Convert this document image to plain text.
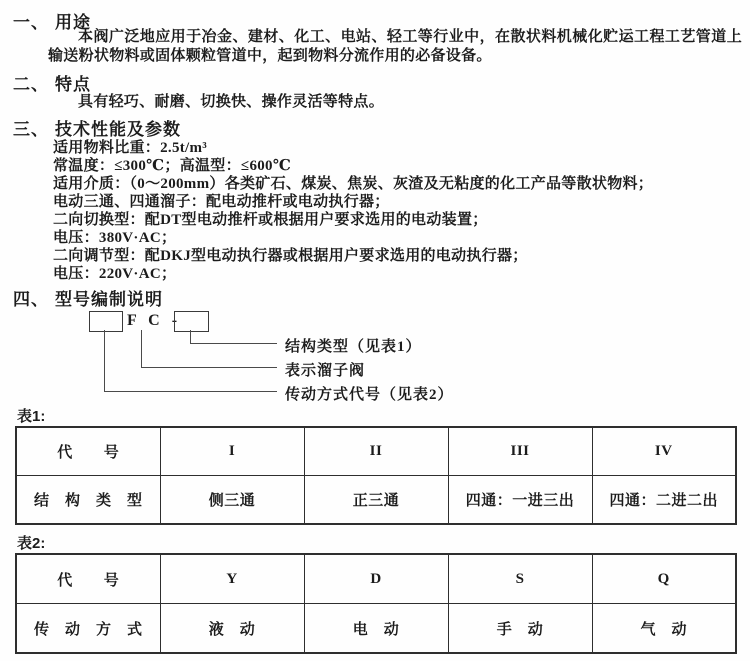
一、 用途
本阀广泛地应用于冶金、建材、化工、电站、轻工等行业中，在散状料机械化贮运工程工艺管道上输送粉状物料或固体颗粒管道中，起到物料分流作用的必备设备。
二、 特点
具有轻巧、耐磨、切换快、操作灵活等特点。
三、 技术性能及参数
适用物料比重：2.5t/m³
常温度：≤300℃；高温型：≤600℃
适用介质：（0～200mm）各类矿石、煤炭、焦炭、灰渣及无粘度的化工产品等散状物料；
电动三通、四通溜子：配电动推杆或电动执行器；
二向切换型：配DT型电动推杆或根据用户要求选用的电动装置；
电压：380V·AC；
二向调节型：配DKJ型电动执行器或根据用户要求选用的电动执行器；
电压：220V·AC；
四、 型号编制说明
F C -
结构类型（见表1）
表示溜子阀
传动方式代号（见表2）
表1:
代　　号	I	II	III	IV
结　构　类　型	侧三通	正三通	四通：一进三出	四通：二进二出
表2:
代　　号	Y	D	S	Q
传　动　方　式	液　动	电　动	手　动	气　动
